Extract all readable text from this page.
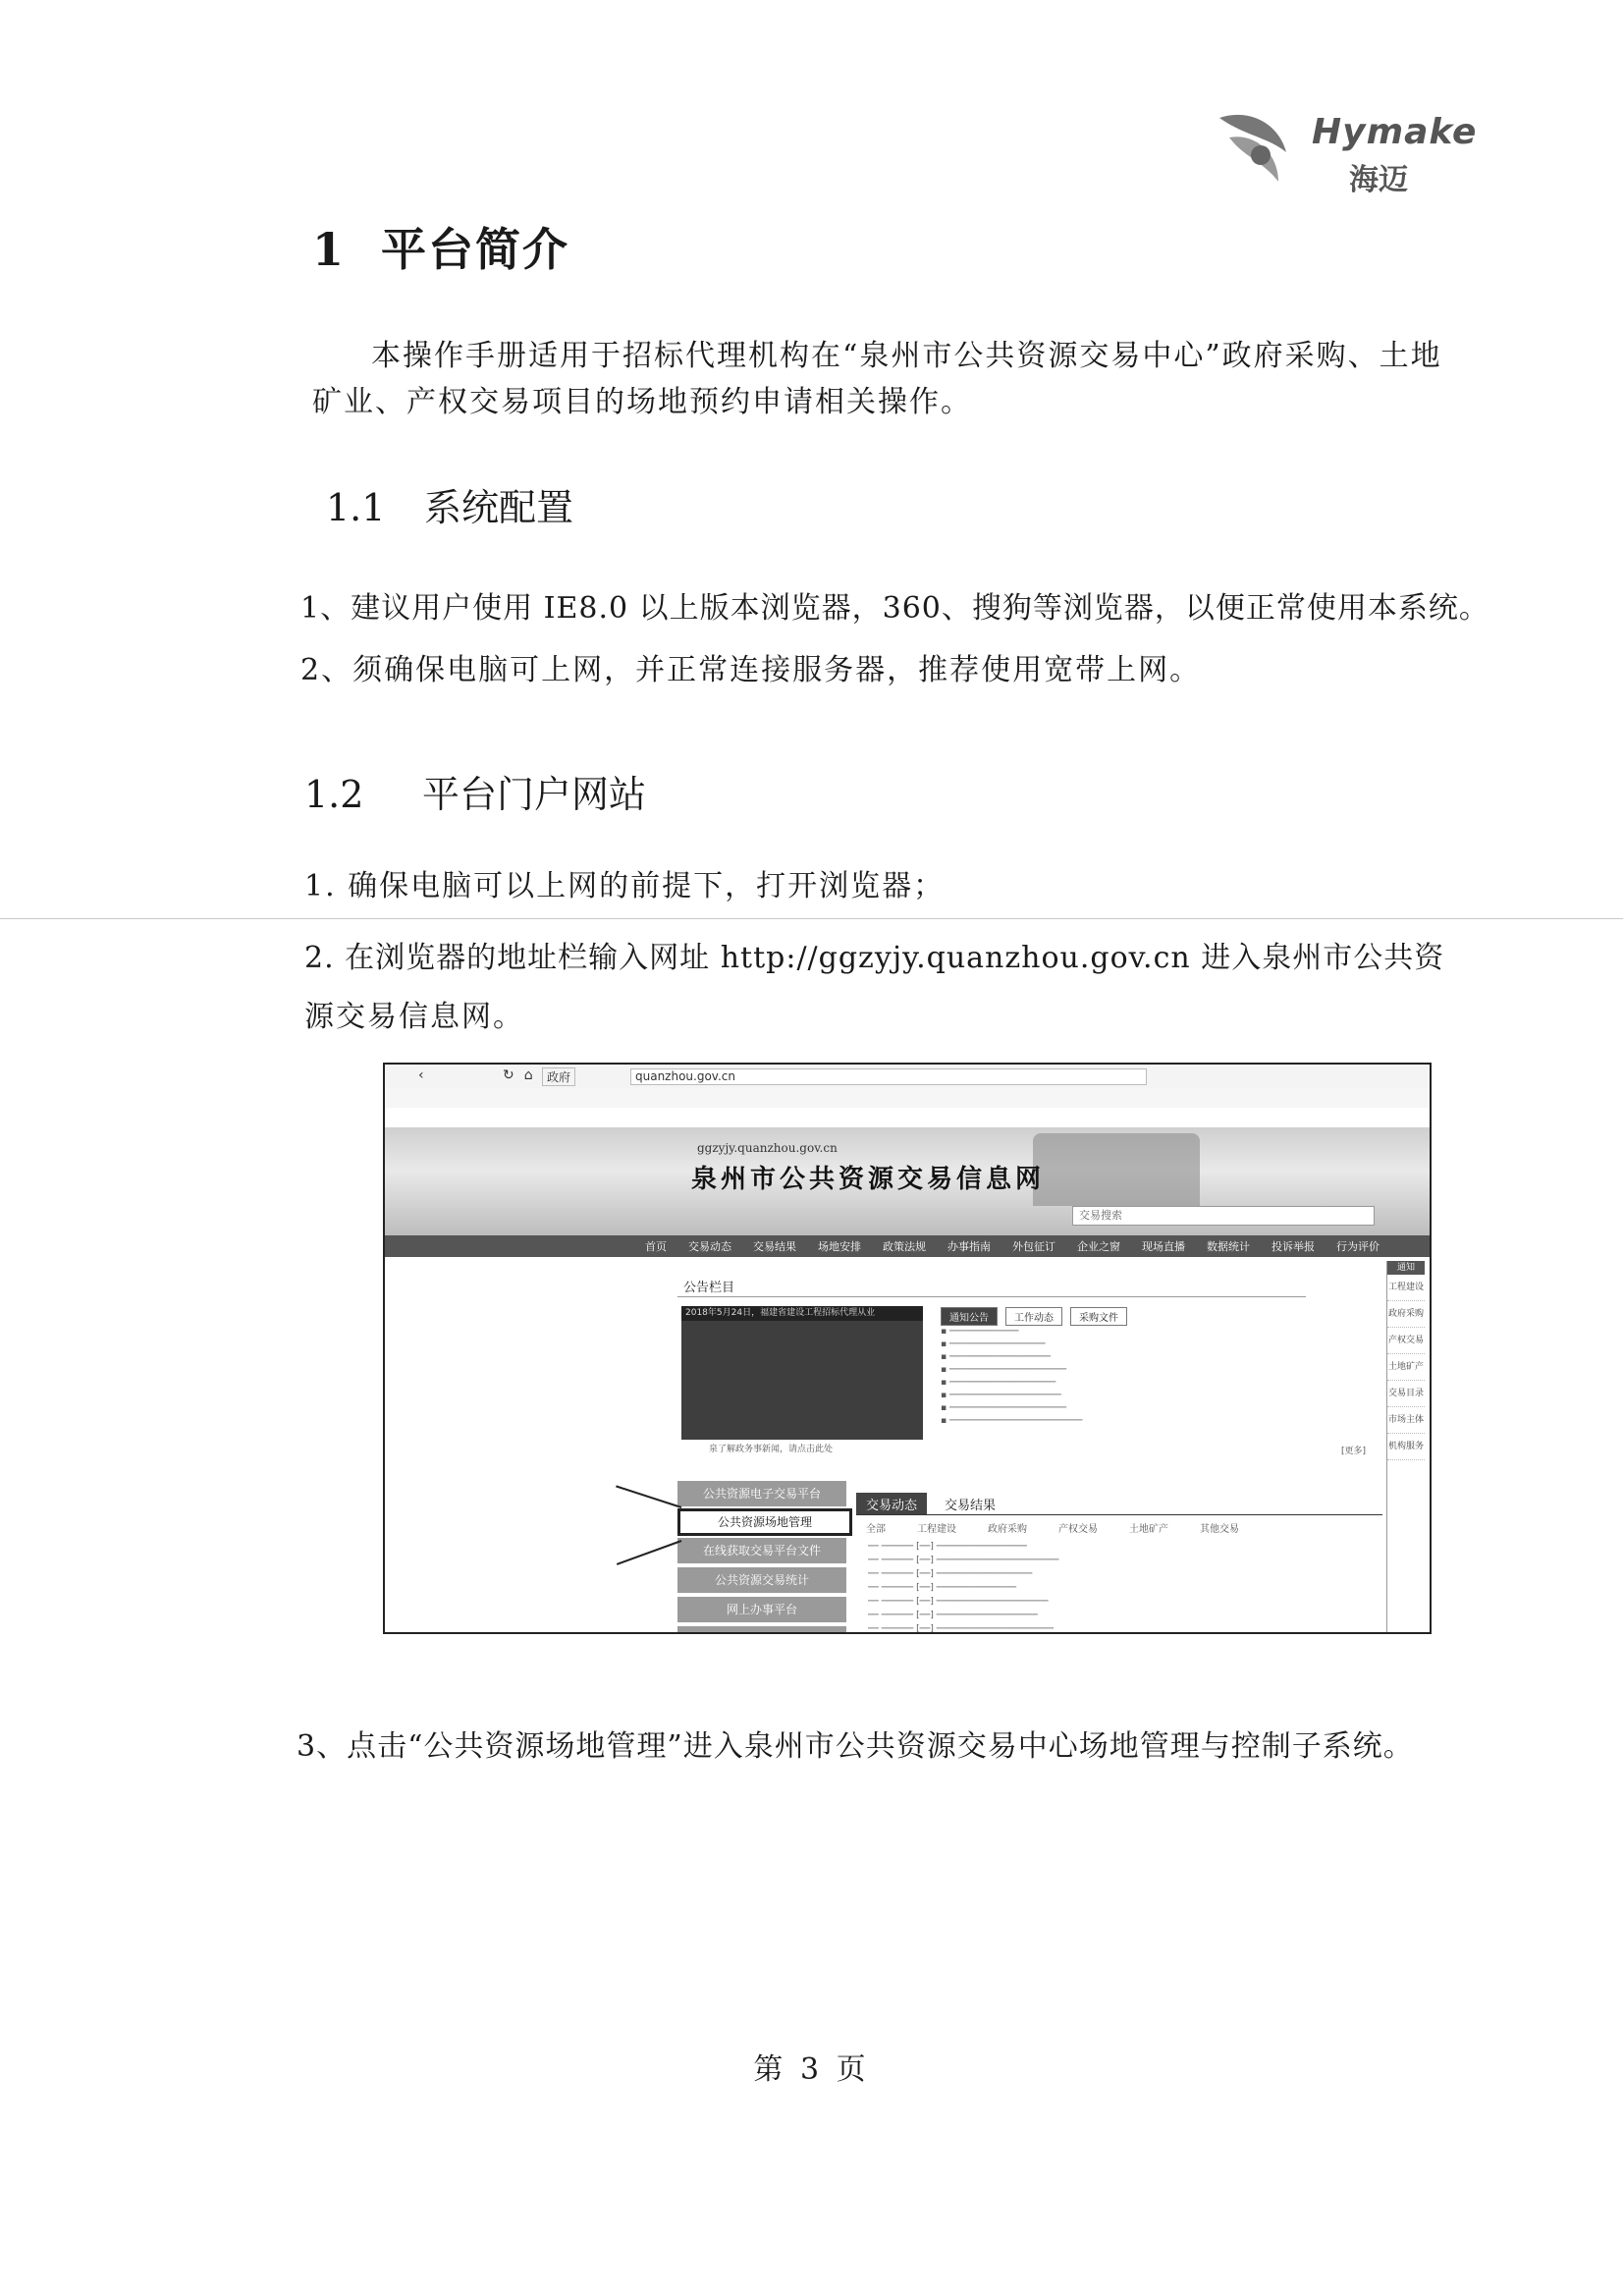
Hymake
海迈
1 平台简介
本操作手册适用于招标代理机构在“泉州市公共资源交易中心”政府采购、土地
矿业、产权交易项目的场地预约申请相关操作。
1.1 系统配置
1、建议用户使用 IE8.0 以上版本浏览器，360、搜狗等浏览器，以便正常使用本系统。
2、须确保电脑可上网，并正常连接服务器，推荐使用宽带上网。
1.2 平台门户网站
1. 确保电脑可以上网的前提下，打开浏览器；
2. 在浏览器的地址栏输入网址 http://ggzyjy.quanzhou.gov.cn 进入泉州市公共资
源交易信息网。
‹	↻⌂ 政府	quanzhou.gov.cn
ggzyjy.quanzhou.gov.cn
泉州市公共资源交易信息网
交易搜索
首页 交易动态 交易结果 场地安排 政策法规 办事指南 外包征订 企业之窗 现场直播 数据统计 投诉举报 行为评价
公告栏目
2018年5月24日，福建省建设工程招标代理从业
泉了解政务事新闻，请点击此处
通知公告	工作动态	采购文件
▪ ─────────────
▪ ──────────────────
▪ ───────────────────
▪ ──────────────────────
▪ ────────────────────
▪ ─────────────────────
▪ ──────────────────────
▪ ─────────────────────────
[更多]
通知
工程建设
政府采购
产权交易
土地矿产
交易目录
市场主体
机构服务
公共资源电子交易平台
公共资源场地管理
在线获取交易平台文件
公共资源交易统计
网上办事平台
交易动态 交易结果
全部	工程建设	政府采购	产权交易	土地矿产	其他交易
── ────── [──] ─────────────────
── ────── [──] ───────────────────────
── ────── [──] ──────────────────
── ────── [──] ───────────────
── ────── [──] ─────────────────────
── ────── [──] ───────────────────
── ────── [──] ──────────────────────
3、点击“公共资源场地管理”进入泉州市公共资源交易中心场地管理与控制子系统。
第 3 页
